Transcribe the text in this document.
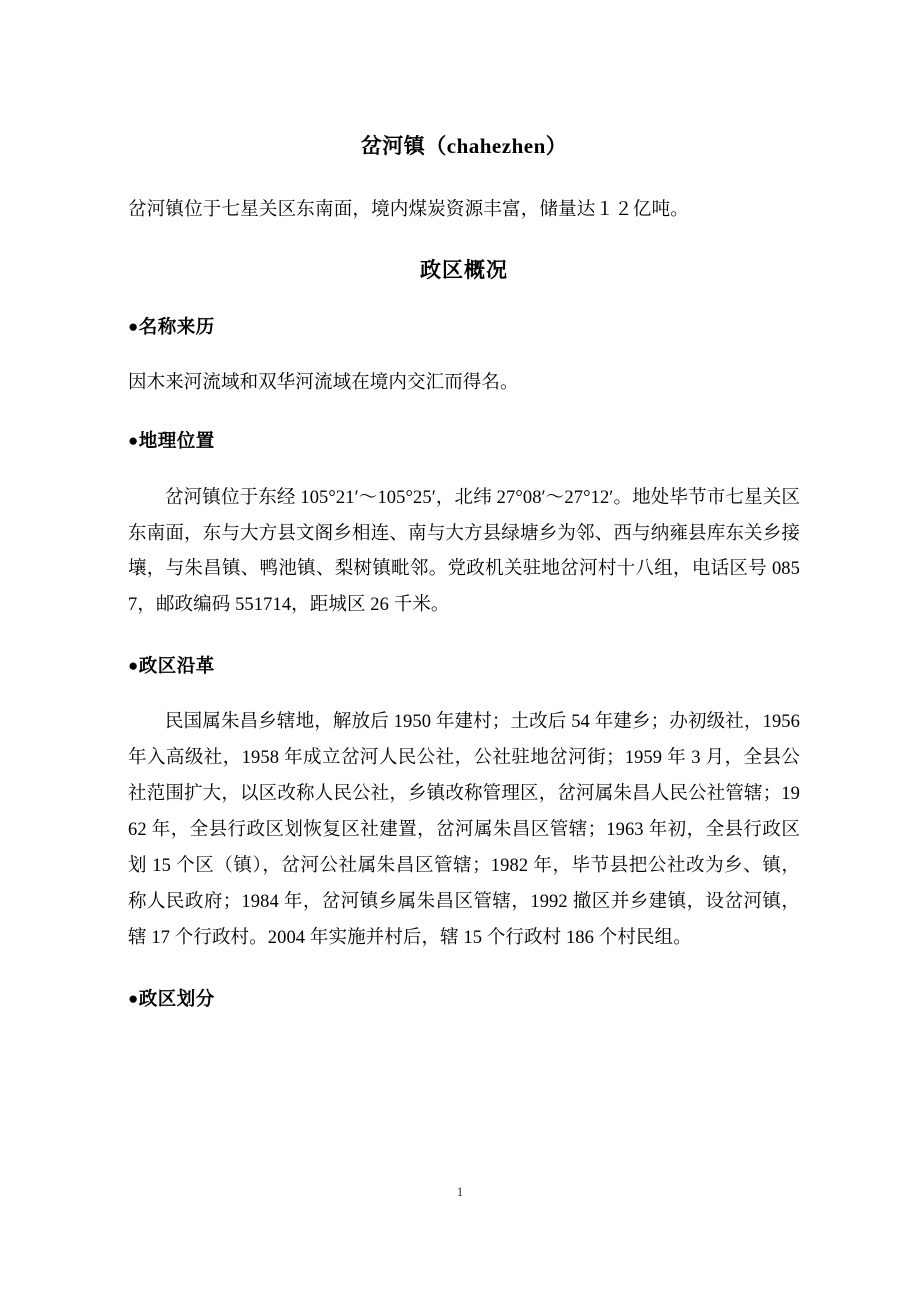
岔河镇（chahezhen）

岔河镇位于七星关区东南面，境内煤炭资源丰富，储量达１２亿吨。

政区概况
●名称来历

因木来河流域和双华河流域在境内交汇而得名。

●地理位置

岔河镇位于东经 105°21′～105°25′，北纬 27°08′～27°12′。地处毕节市七星关区东南面，东与大方县文阁乡相连、南与大方县绿塘乡为邻、西与纳雍县库东关乡接壤，与朱昌镇、鸭池镇、梨树镇毗邻。党政机关驻地岔河村十八组，电话区号 0857，邮政编码 551714，距城区 26 千米。

●政区沿革

民国属朱昌乡辖地，解放后 1950 年建村；土改后 54 年建乡；办初级社，1956 年入高级社，1958 年成立岔河人民公社，公社驻地岔河街；1959 年 3 月，全县公社范围扩大，以区改称人民公社，乡镇改称管理区，岔河属朱昌人民公社管辖；1962 年，全县行政区划恢复区社建置，岔河属朱昌区管辖；1963 年初，全县行政区划 15 个区（镇），岔河公社属朱昌区管辖；1982 年，毕节县把公社改为乡、镇，称人民政府；1984 年，岔河镇乡属朱昌区管辖，1992 撤区并乡建镇，设岔河镇，辖 17 个行政村。2004 年实施并村后，辖 15 个行政村 186 个村民组。

●政区划分
1
